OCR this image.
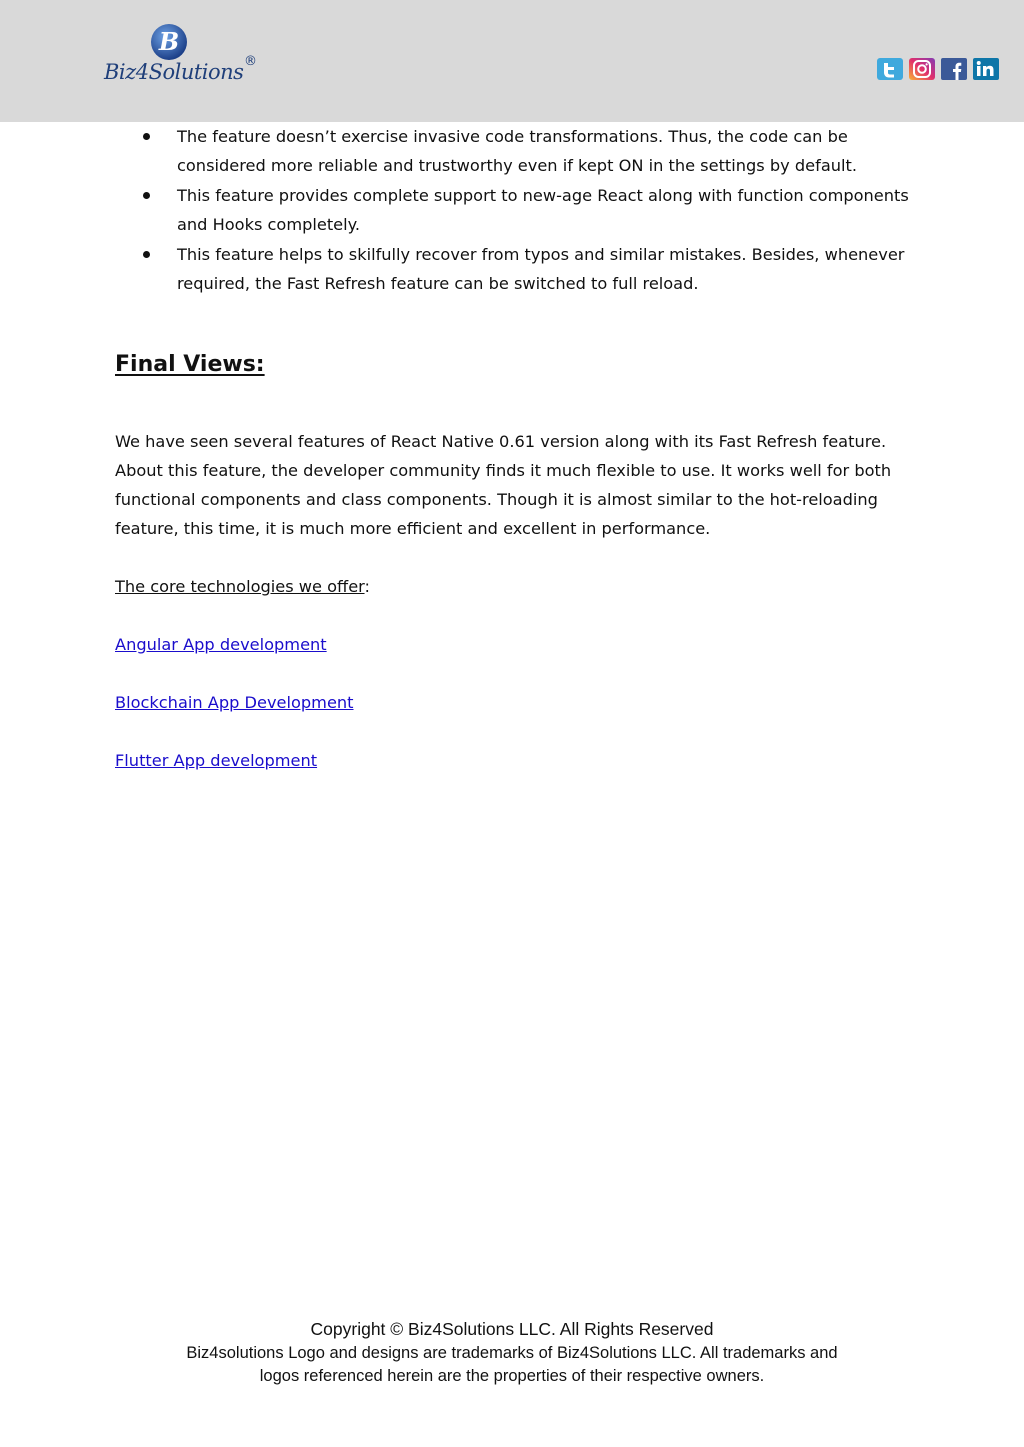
B
Biz4Solutions ®
The feature doesn’t exercise invasive code transformations. Thus, the code can be
considered more reliable and trustworthy even if kept ON in the settings by default.
This feature provides complete support to new-age React along with function components
and Hooks completely.
This feature helps to skilfully recover from typos and similar mistakes. Besides, whenever
required, the Fast Refresh feature can be switched to full reload.
Final Views:
We have seen several features of React Native 0.61 version along with its Fast Refresh feature.
About this feature, the developer community finds it much flexible to use. It works well for both
functional components and class components. Though it is almost similar to the hot-reloading
feature, this time, it is much more efficient and excellent in performance.
The core technologies we offer:
Angular App development
Blockchain App Development
Flutter App development
Copyright © Biz4Solutions LLC. All Rights Reserved
Biz4solutions Logo and designs are trademarks of Biz4Solutions LLC. All trademarks and
logos referenced herein are the properties of their respective owners.
